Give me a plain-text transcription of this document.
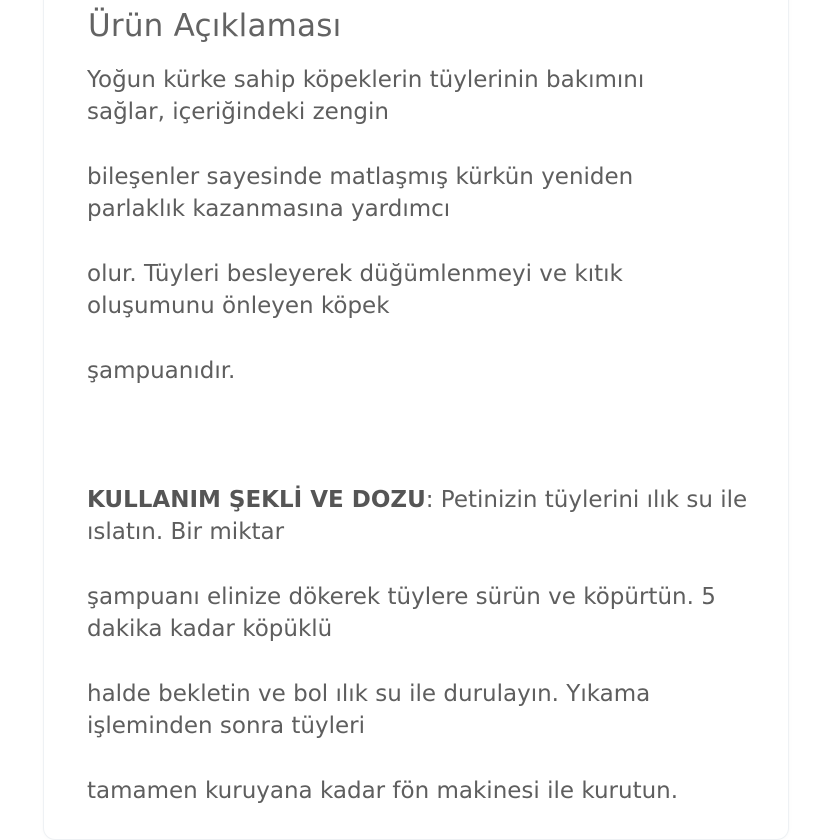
Ürün Açıklaması
Yoğun kürke sahip köpeklerin tüylerinin bakımını
sağlar, içeriğindeki zengin
bileşenler sayesinde matlaşmış kürkün yeniden
parlaklık kazanmasına yardımcı
olur. Tüyleri besleyerek düğümlenmeyi ve kıtık
oluşumunu önleyen köpek
şampuanıdır.
KULLANIM ŞEKLİ VE DOZU: Petinizin tüylerini ılık su ile
ıslatın. Bir miktar
şampuanı elinize dökerek tüylere sürün ve köpürtün. 5
dakika kadar köpüklü
halde bekletin ve bol ılık su ile durulayın. Yıkama
işleminden sonra tüyleri
tamamen kuruyana kadar fön makinesi ile kurutun.
